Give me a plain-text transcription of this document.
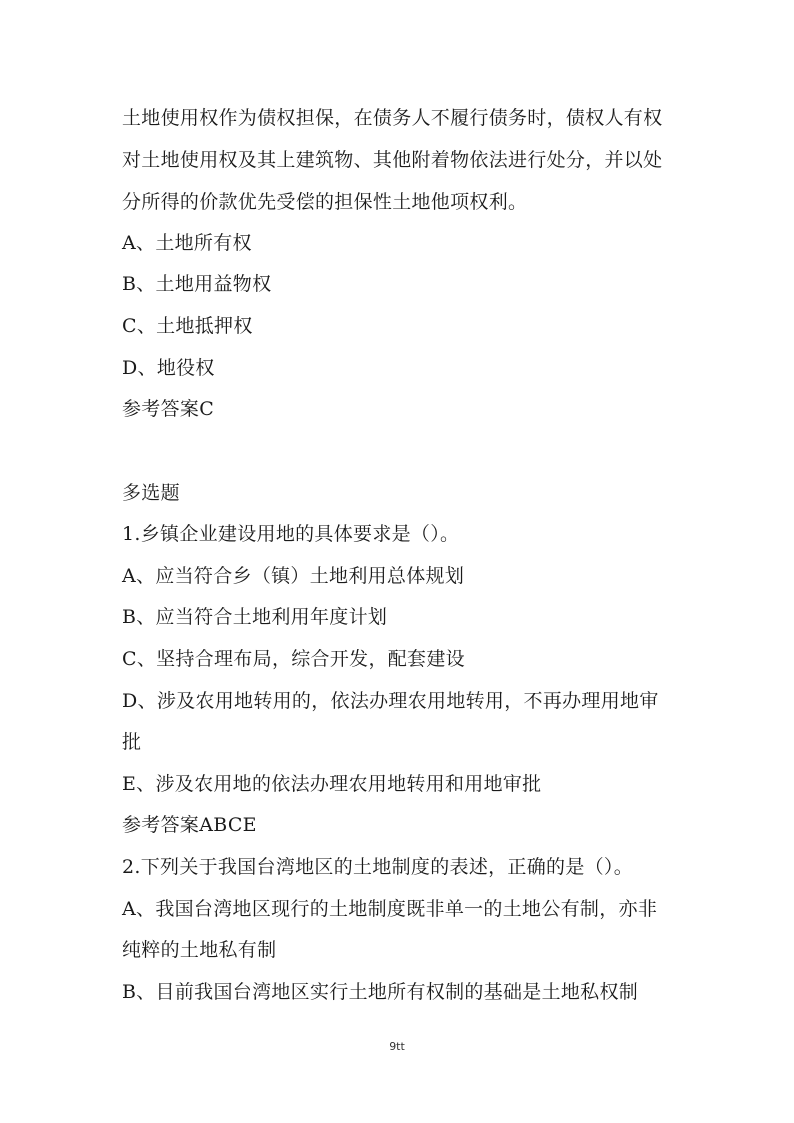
土地使用权作为债权担保，在债务人不履行债务时，债权人有权
对土地使用权及其上建筑物、其他附着物依法进行处分，并以处
分所得的价款优先受偿的担保性土地他项权利。
A、土地所有权
B、土地用益物权
C、土地抵押权
D、地役权
参考答案C
多选题
1.乡镇企业建设用地的具体要求是（）。
A、应当符合乡（镇）土地利用总体规划
B、应当符合土地利用年度计划
C、坚持合理布局，综合开发，配套建设
D、涉及农用地转用的，依法办理农用地转用，不再办理用地审
批
E、涉及农用地的依法办理农用地转用和用地审批
参考答案ABCE
2.下列关于我国台湾地区的土地制度的表述，正确的是（）。
A、我国台湾地区现行的土地制度既非单一的土地公有制，亦非
纯粹的土地私有制
B、目前我国台湾地区实行土地所有权制的基础是土地私权制
9tt
